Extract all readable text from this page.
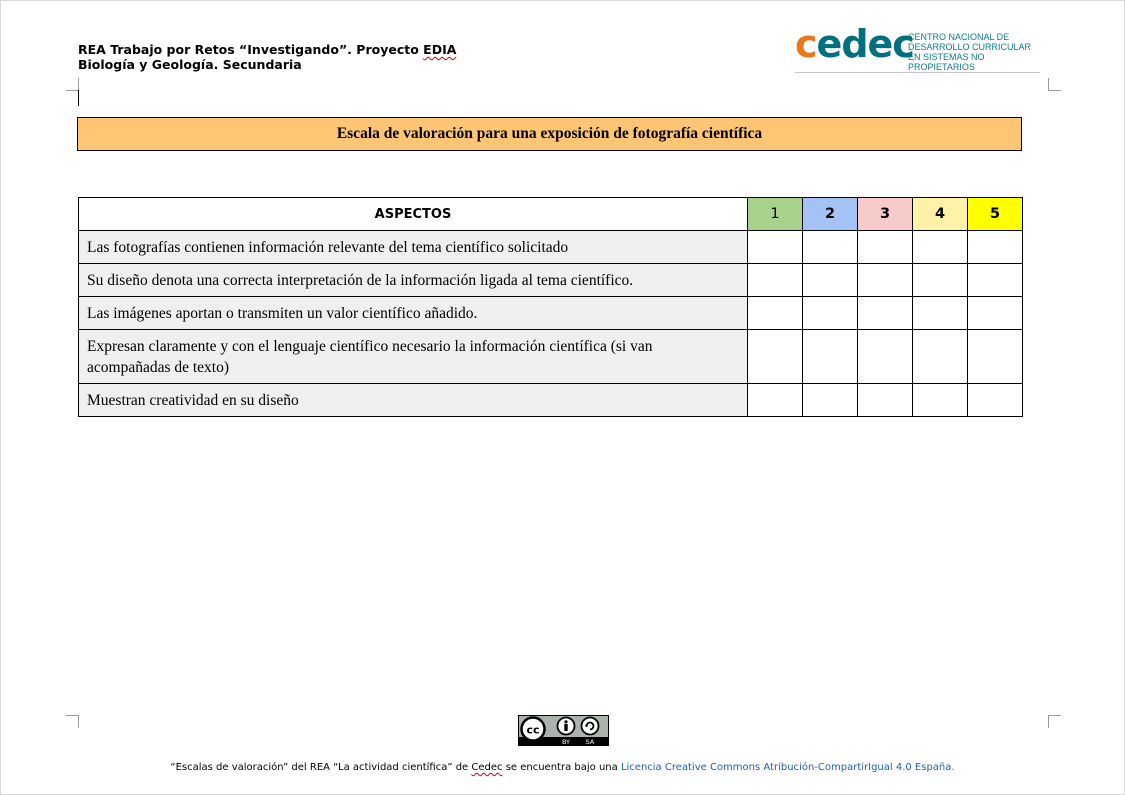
REA Trabajo por Retos “Investigando”. Proyecto EDIA
Biología y Geología. Secundaria	cedec
CENTRO NACIONAL DE
DESARROLLO CURRICULAR
EN SISTEMAS NO PROPIETARIOS
Escala de valoración para una exposición de fotografía científica
ASPECTOS	1	2	3	4	5
Las fotografías contienen información relevante del tema científico solicitado					
Su diseño denota una correcta interpretación de la información ligada al tema científico.					
Las imágenes aportan o transmiten un valor científico añadido.					
Expresan claramente y con el lenguaje científico necesario la información científica (si van acompañadas de texto)					
Muestran creatividad en su diseño					
cc
BY SA
“Escalas de valoración” del REA “La actividad científica” de Cedec se encuentra bajo una Licencia Creative Commons Atribución-CompartirIgual 4.0 España.
